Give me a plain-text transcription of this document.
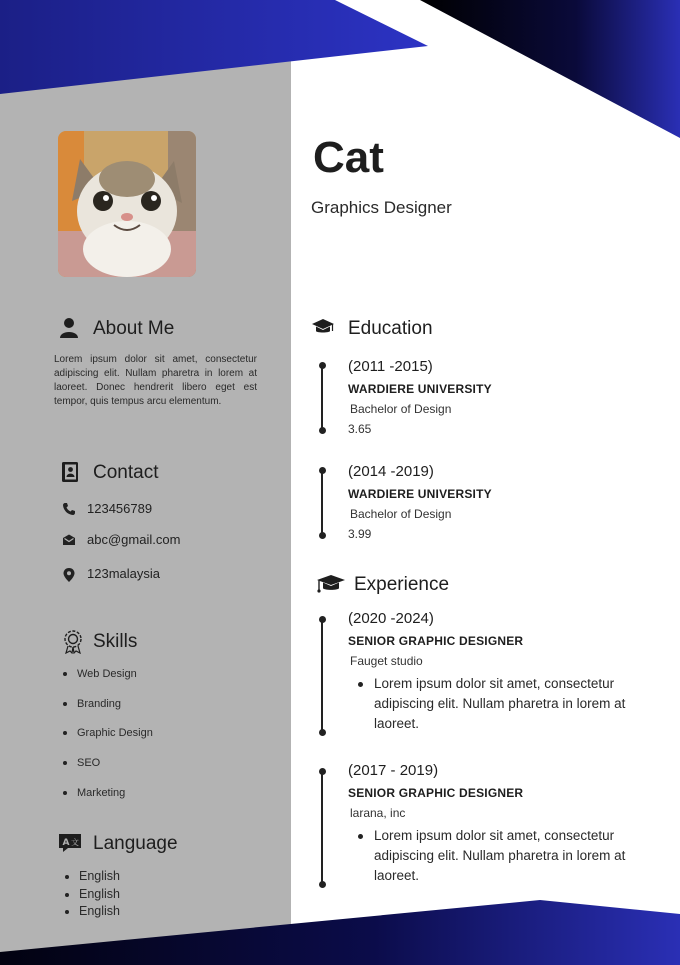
Cat
Graphics Designer
About Me
Lorem ipsum dolor sit amet, consectetur adipiscing elit. Nullam pharetra in lorem at laoreet. Donec hendrerit libero eget est tempor, quis tempus arcu elementum.
Contact
123456789
abc@gmail.com
123malaysia
Skills
Web Design
Branding
Graphic Design
SEO
Marketing
A 文 Language
English
English
English
Education
(2011 -2015)
WARDIERE UNIVERSITY
Bachelor of Design
3.65
(2014 -2019)
WARDIERE UNIVERSITY
Bachelor of Design
3.99
Experience
(2020 -2024)
SENIOR GRAPHIC DESIGNER
Fauget studio
Lorem ipsum dolor sit amet, consectetur adipiscing elit. Nullam pharetra in lorem at laoreet.
(2017 - 2019)
SENIOR GRAPHIC DESIGNER
larana, inc
Lorem ipsum dolor sit amet, consectetur adipiscing elit. Nullam pharetra in lorem at laoreet.
